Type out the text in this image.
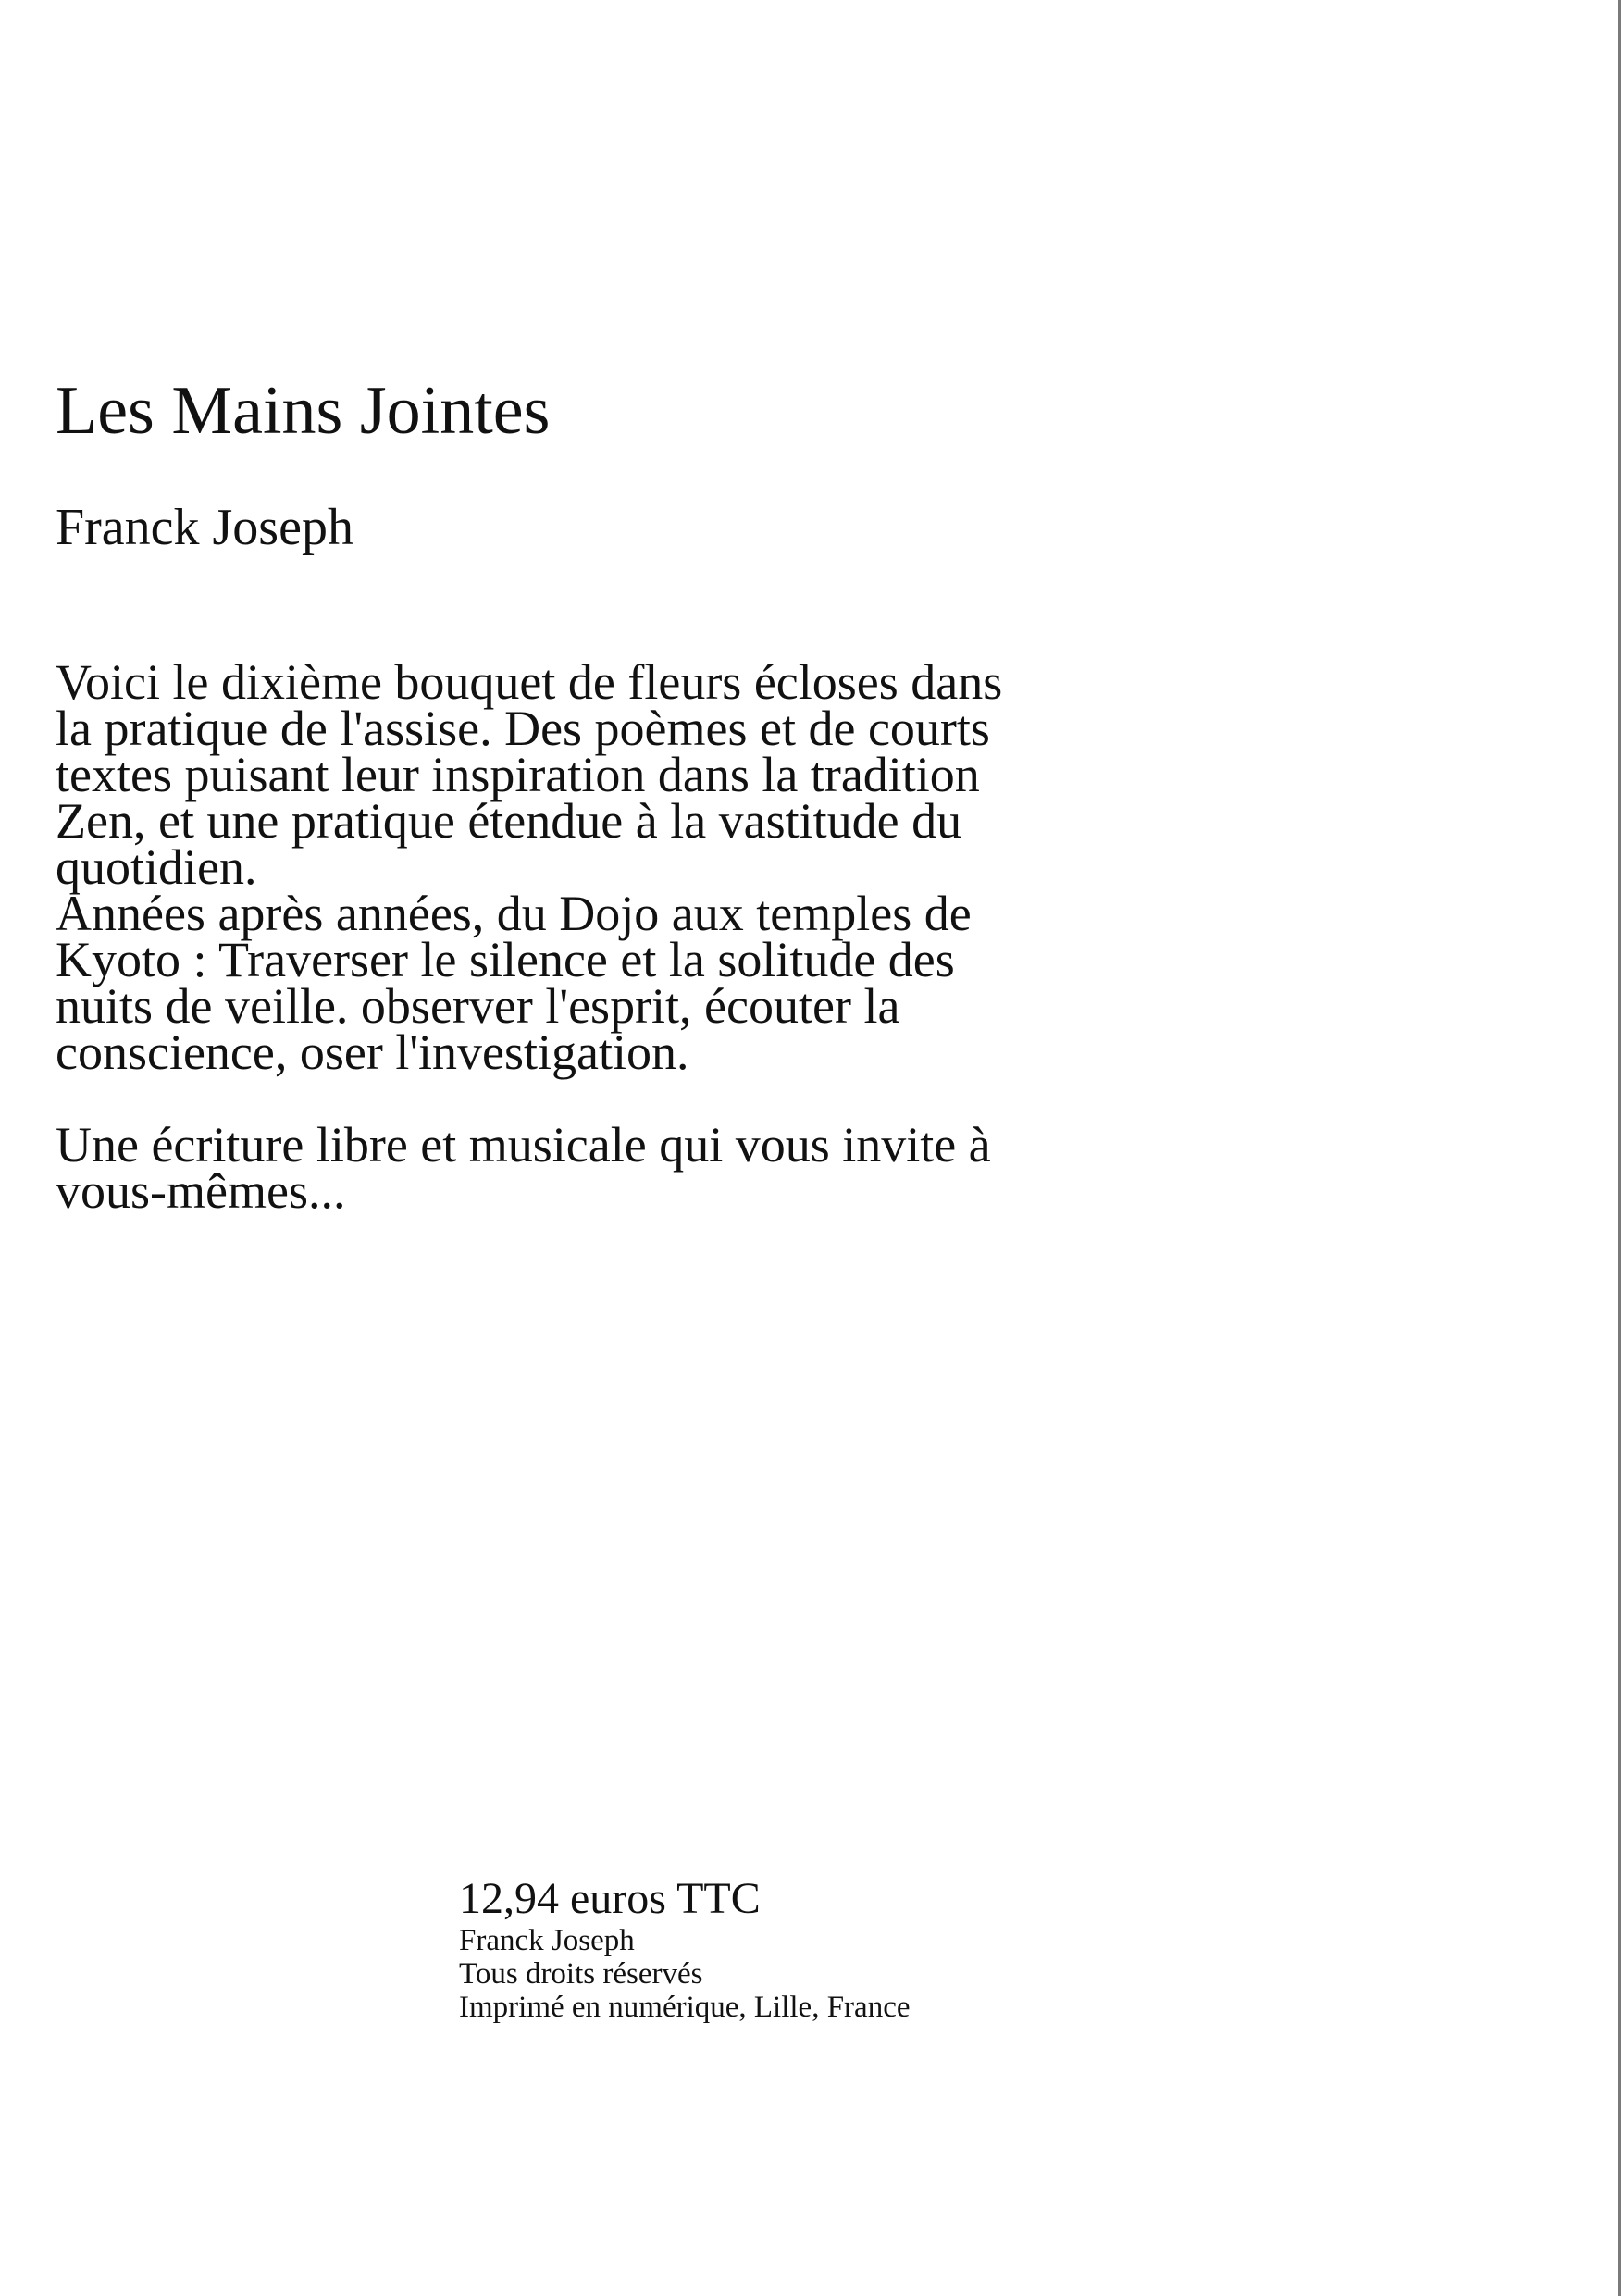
Les Mains Jointes
Franck Joseph
Voici le dixième bouquet de fleurs écloses dans
la pratique de l'assise. Des poèmes et de courts
textes puisant leur inspiration dans la tradition
Zen, et une pratique étendue à la vastitude du
quotidien.
Années après années, du Dojo aux temples de
Kyoto : Traverser le silence et la solitude des
nuits de veille. observer l'esprit, écouter la
conscience, oser l'investigation.
Une écriture libre et musicale qui vous invite à
vous-mêmes...
12,94 euros TTC
Franck Joseph
Tous droits réservés
Imprimé en numérique, Lille, France
